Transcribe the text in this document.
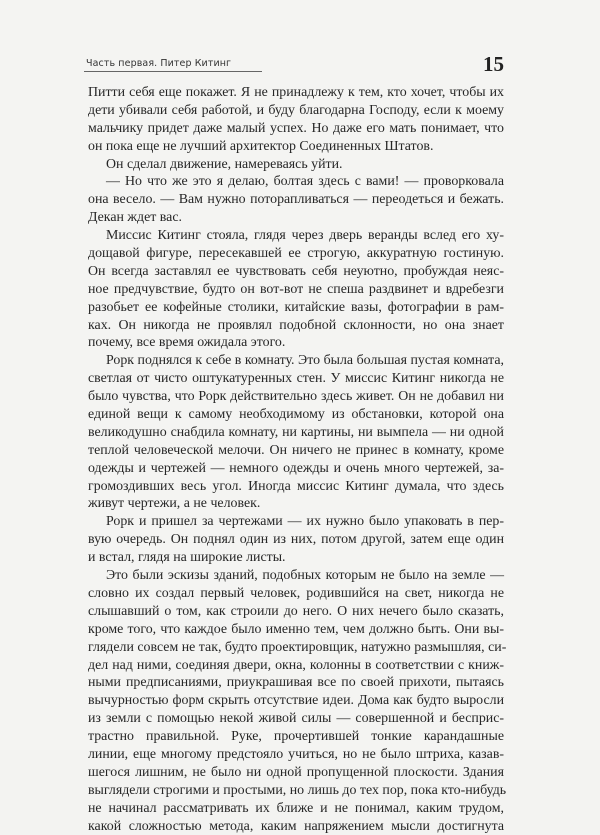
Часть первая. Питер Китинг	15
Питти себя еще покажет. Я не принадлежу к тем, кто хочет, чтобы их
дети убивали себя работой, и буду благодарна Господу, если к моему
мальчику придет даже малый успех. Но даже его мать понимает, что
он пока еще не лучший архитектор Соединенных Штатов.
Он сделал движение, намереваясь уйти.
— Но что же это я делаю, болтая здесь с вами! — проворковала
она весело. — Вам нужно поторапливаться — переодеться и бежать.
Декан ждет вас.
Миссис Китинг стояла, глядя через дверь веранды вслед его ху-
дощавой фигуре, пересекавшей ее строгую, аккуратную гостиную.
Он всегда заставлял ее чувствовать себя неуютно, пробуждая неяс-
ное предчувствие, будто он вот-вот не спеша раздвинет и вдребезги
разобьет ее кофейные столики, китайские вазы, фотографии в рам-
ках. Он никогда не проявлял подобной склонности, но она знает
почему, все время ожидала этого.
Рорк поднялся к себе в комнату. Это была большая пустая комната,
светлая от чисто оштукатуренных стен. У миссис Китинг никогда не
было чувства, что Рорк действительно здесь живет. Он не добавил ни
единой вещи к самому необходимому из обстановки, которой она
великодушно снабдила комнату, ни картины, ни вымпела — ни одной
теплой человеческой мелочи. Он ничего не принес в комнату, кроме
одежды и чертежей — немного одежды и очень много чертежей, за-
громоздивших весь угол. Иногда миссис Китинг думала, что здесь
живут чертежи, а не человек.
Рорк и пришел за чертежами — их нужно было упаковать в пер-
вую очередь. Он поднял один из них, потом другой, затем еще один
и встал, глядя на широкие листы.
Это были эскизы зданий, подобных которым не было на земле —
словно их создал первый человек, родившийся на свет, никогда не
слышавший о том, как строили до него. О них нечего было сказать,
кроме того, что каждое было именно тем, чем должно быть. Они вы-
глядели совсем не так, будто проектировщик, натужно размышляя, си-
дел над ними, соединяя двери, окна, колонны в соответствии с книж-
ными предписаниями, приукрашивая все по своей прихоти, пытаясь
вычурностью форм скрыть отсутствие идеи. Дома как будто выросли
из земли с помощью некой живой силы — совершенной и бесприс-
трастно правильной. Руке, прочертившей тонкие карандашные
линии, еще многому предстояло учиться, но не было штриха, казав-
шегося лишним, не было ни одной пропущенной плоскости. Здания
выглядели строгими и простыми, но лишь до тех пор, пока кто-нибудь
не начинал рассматривать их ближе и не понимал, каким трудом,
какой сложностью метода, каким напряжением мысли достигнута
